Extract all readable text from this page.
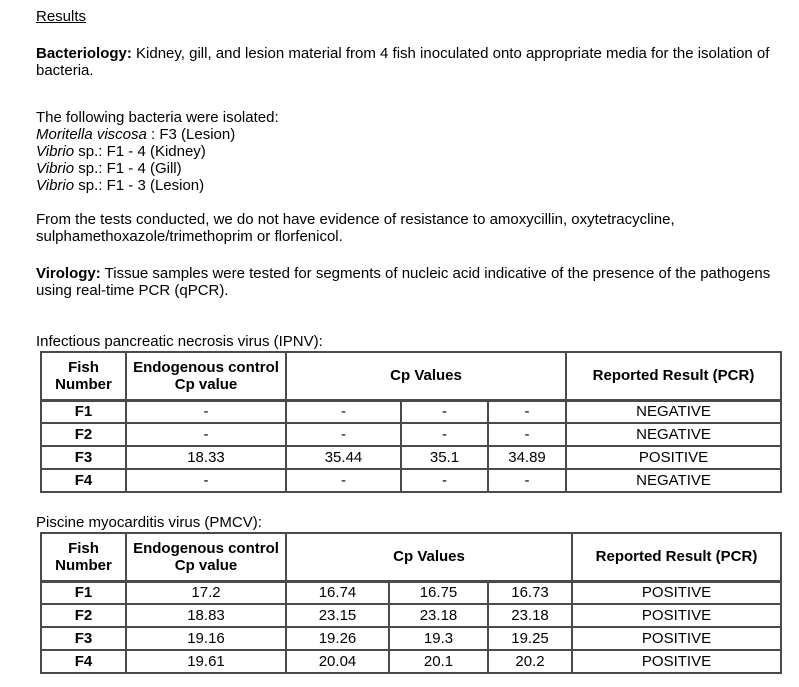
Results

Bacteriology: Kidney, gill, and lesion material from 4 fish inoculated onto appropriate media for the isolation of bacteria.

The following bacteria were isolated:

Moritella viscosa : F3 (Lesion)

Vibrio sp.: F1 - 4 (Kidney)

Vibrio sp.: F1 - 4 (Gill)

Vibrio sp.: F1 - 3 (Lesion)

From the tests conducted, we do not have evidence of resistance to amoxycillin, oxytetracycline, sulphamethoxazole/trimethoprim or florfenicol.

Virology: Tissue samples were tested for segments of nucleic acid indicative of the presence of the pathogens using real-time PCR (qPCR).

Infectious pancreatic necrosis virus (IPNV):

Fish Number	Endogenous control Cp value	Cp Values			Reported Result (PCR)
F1	-	-	-	-	NEGATIVE
F2	-	-	-	-	NEGATIVE
F3	18.33	35.44	35.1	34.89	POSITIVE
F4	-	-	-	-	NEGATIVE

Piscine myocarditis virus (PMCV):

Fish Number	Endogenous control Cp value	Cp Values			Reported Result (PCR)
F1	17.2	16.74	16.75	16.73	POSITIVE
F2	18.83	23.15	23.18	23.18	POSITIVE
F3	19.16	19.26	19.3	19.25	POSITIVE
F4	19.61	20.04	20.1	20.2	POSITIVE
